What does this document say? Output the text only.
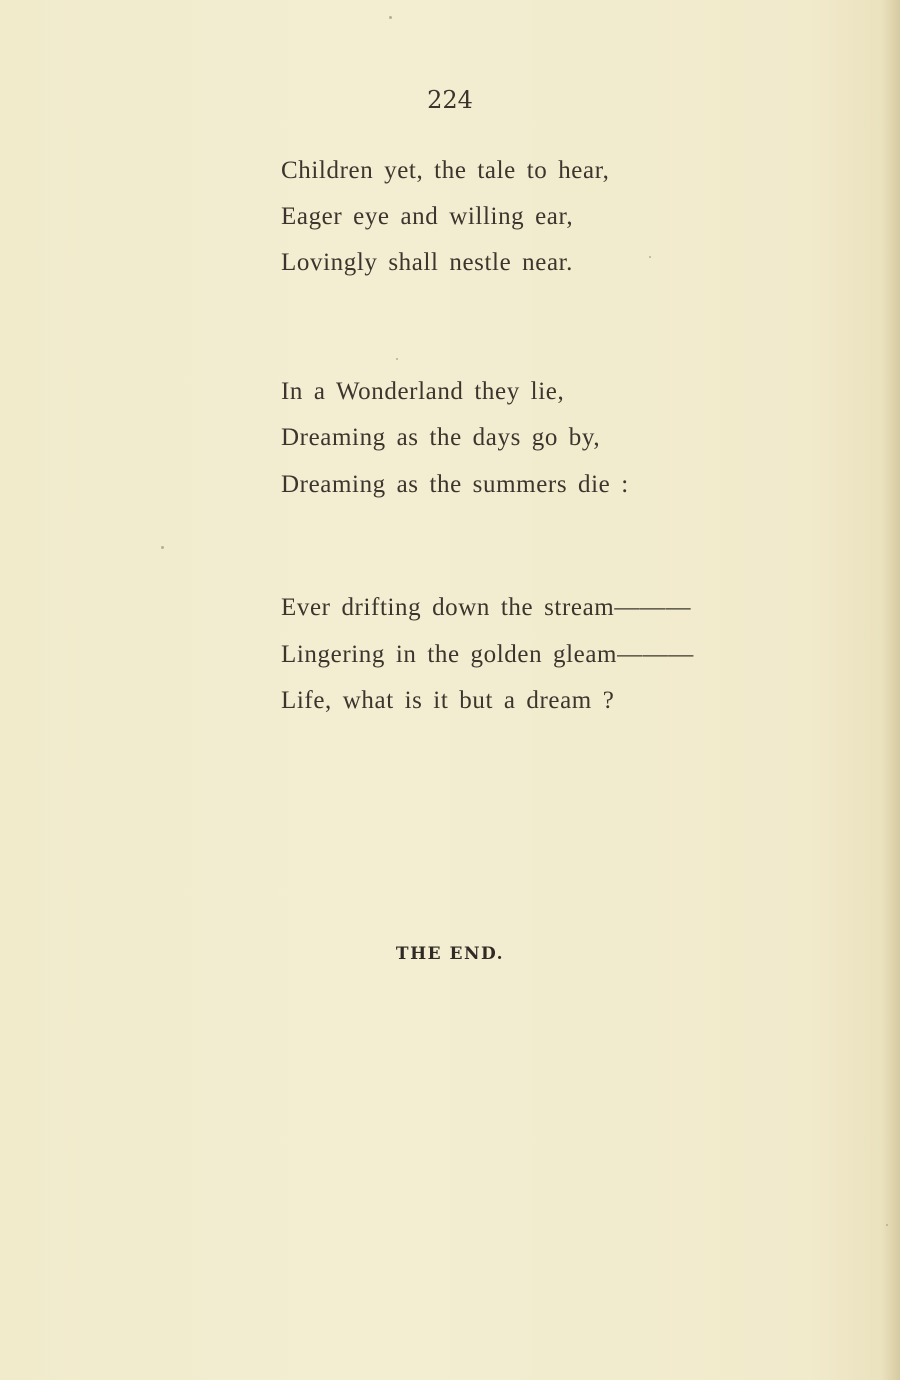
224
Children yet, the tale to hear,
Eager eye and willing ear,
Lovingly shall nestle near.
In a Wonderland they lie,
Dreaming as the days go by,
Dreaming as the summers die :
Ever drifting down the stream———
Lingering in the golden gleam———
Life, what is it but a dream ?
THE END.
